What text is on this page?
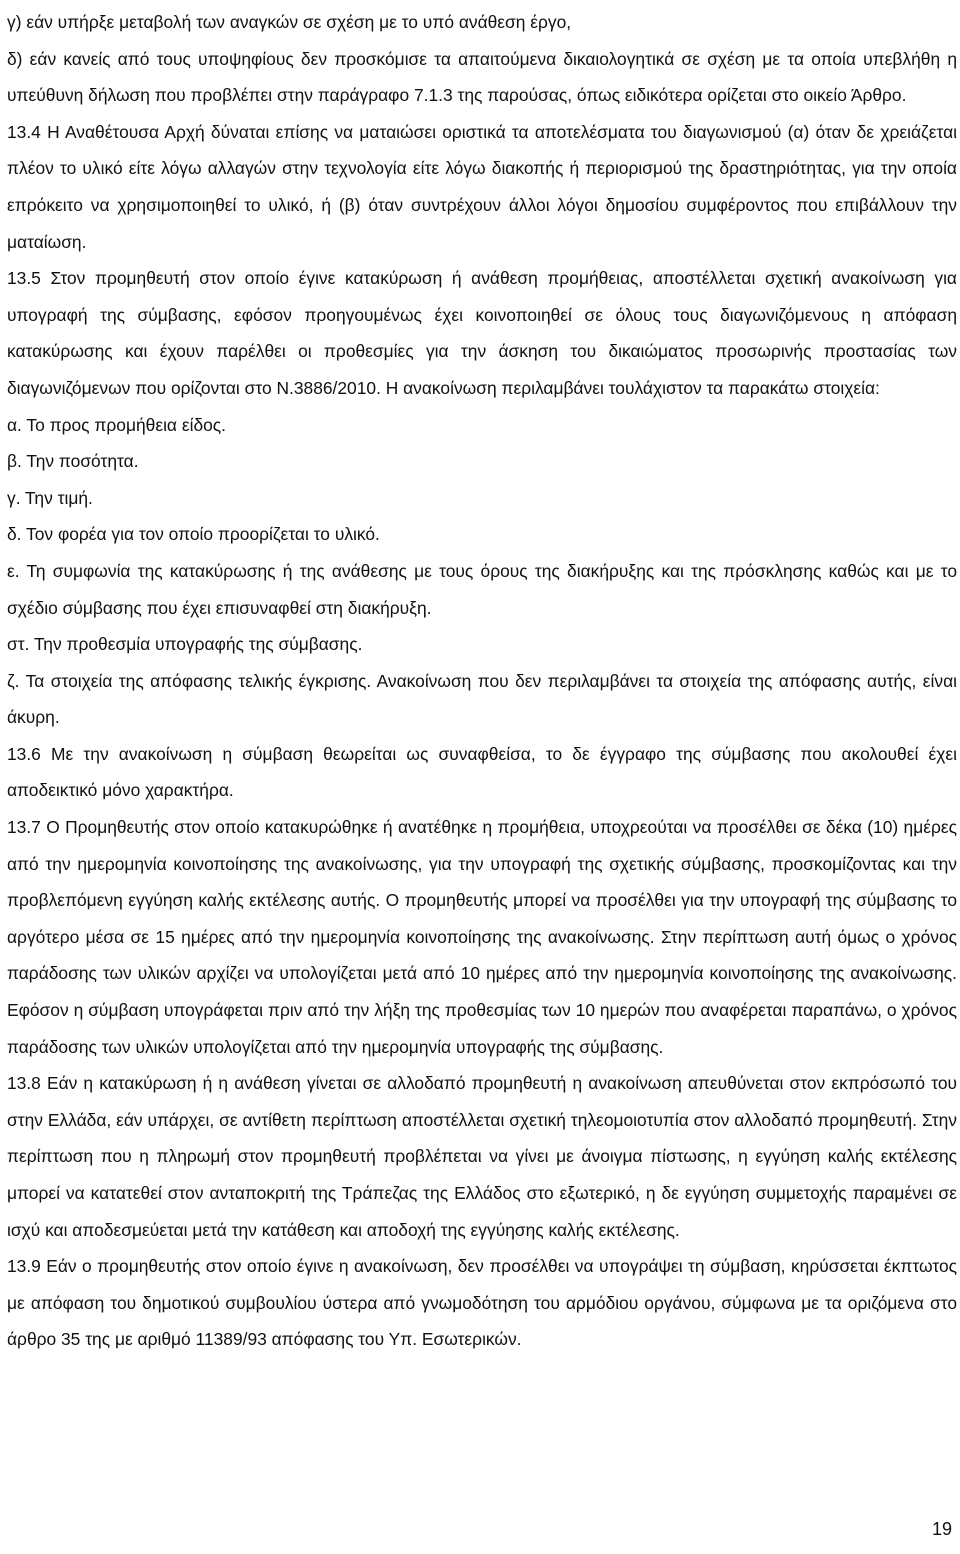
γ) εάν υπήρξε μεταβολή των αναγκών σε σχέση με το υπό ανάθεση έργο,

δ) εάν κανείς από τους υποψηφίους δεν προσκόμισε τα απαιτούμενα δικαιολογητικά σε σχέση με τα οποία υπεβλήθη η υπεύθυνη δήλωση που προβλέπει στην παράγραφο 7.1.3 της παρούσας, όπως ειδικότερα ορίζεται στο οικείο Άρθρο.

13.4 Η Αναθέτουσα Αρχή δύναται επίσης να ματαιώσει οριστικά τα αποτελέσματα του διαγωνισμού (α) όταν δε χρειάζεται πλέον το υλικό είτε λόγω αλλαγών στην τεχνολογία είτε λόγω διακοπής ή περιορισμού της δραστηριότητας, για την οποία επρόκειτο να χρησιμοποιηθεί το υλικό, ή (β) όταν συντρέχουν άλλοι λόγοι δημοσίου συμφέροντος που επιβάλλουν την ματαίωση.

13.5 Στον προμηθευτή στον οποίο έγινε κατακύρωση ή ανάθεση προμήθειας, αποστέλλεται σχετική ανακοίνωση για υπογραφή της σύμβασης, εφόσον προηγουμένως έχει κοινοποιηθεί σε όλους τους διαγωνιζόμενους η απόφαση κατακύρωσης και έχουν παρέλθει οι προθεσμίες για την άσκηση του δικαιώματος προσωρινής προστασίας των διαγωνιζόμενων που ορίζονται στο Ν.3886/2010. Η ανακοίνωση περιλαμβάνει τουλάχιστον τα παρακάτω στοιχεία:

α. Το προς προμήθεια είδος.

β. Την ποσότητα.

γ. Την τιμή.

δ. Τον φορέα για τον οποίο προορίζεται το υλικό.

ε. Τη συμφωνία της κατακύρωσης ή της ανάθεσης με τους όρους της διακήρυξης και της πρόσκλησης καθώς και με το σχέδιο σύμβασης που έχει επισυναφθεί στη διακήρυξη.

στ. Την προθεσμία υπογραφής της σύμβασης.

ζ. Τα στοιχεία της απόφασης τελικής έγκρισης. Ανακοίνωση που δεν περιλαμβάνει τα στοιχεία της απόφασης αυτής, είναι άκυρη.

13.6 Με την ανακοίνωση η σύμβαση θεωρείται ως συναφθείσα, το δε έγγραφο της σύμβασης που ακολουθεί έχει αποδεικτικό μόνο χαρακτήρα.

13.7 Ο Προμηθευτής στον οποίο κατακυρώθηκε ή ανατέθηκε η προμήθεια, υποχρεούται να προσέλθει σε δέκα (10) ημέρες από την ημερομηνία κοινοποίησης της ανακοίνωσης, για την υπογραφή της σχετικής σύμβασης, προσκομίζοντας και την προβλεπόμενη εγγύηση καλής εκτέλεσης αυτής. Ο προμηθευτής μπορεί να προσέλθει για την υπογραφή της σύμβασης το αργότερο μέσα σε 15 ημέρες από την ημερομηνία κοινοποίησης της ανακοίνωσης. Στην περίπτωση αυτή όμως ο χρόνος παράδοσης των υλικών αρχίζει να υπολογίζεται μετά από 10 ημέρες από την ημερομηνία κοινοποίησης της ανακοίνωσης. Εφόσον η σύμβαση υπογράφεται πριν από την λήξη της προθεσμίας των 10 ημερών που αναφέρεται παραπάνω, ο χρόνος παράδοσης των υλικών υπολογίζεται από την ημερομηνία υπογραφής της σύμβασης.

13.8 Εάν η κατακύρωση ή η ανάθεση γίνεται σε αλλοδαπό προμηθευτή η ανακοίνωση απευθύνεται στον εκπρόσωπό του στην Ελλάδα, εάν υπάρχει, σε αντίθετη περίπτωση αποστέλλεται σχετική τηλεομοιοτυπία στον αλλοδαπό προμηθευτή. Στην περίπτωση που η πληρωμή στον προμηθευτή προβλέπεται να γίνει με άνοιγμα πίστωσης, η εγγύηση καλής εκτέλεσης μπορεί να κατατεθεί στον ανταποκριτή της Τράπεζας της Ελλάδος στο εξωτερικό, η δε εγγύηση συμμετοχής παραμένει σε ισχύ και αποδεσμεύεται μετά την κατάθεση και αποδοχή της εγγύησης καλής εκτέλεσης.

13.9 Εάν ο προμηθευτής στον οποίο έγινε η ανακοίνωση, δεν προσέλθει να υπογράψει τη σύμβαση, κηρύσσεται έκπτωτος με απόφαση του δημοτικού συμβουλίου ύστερα από γνωμοδότηση του αρμόδιου οργάνου, σύμφωνα με τα οριζόμενα στο άρθρο 35 της με αριθμό 11389/93 απόφασης του Υπ. Εσωτερικών.

19
